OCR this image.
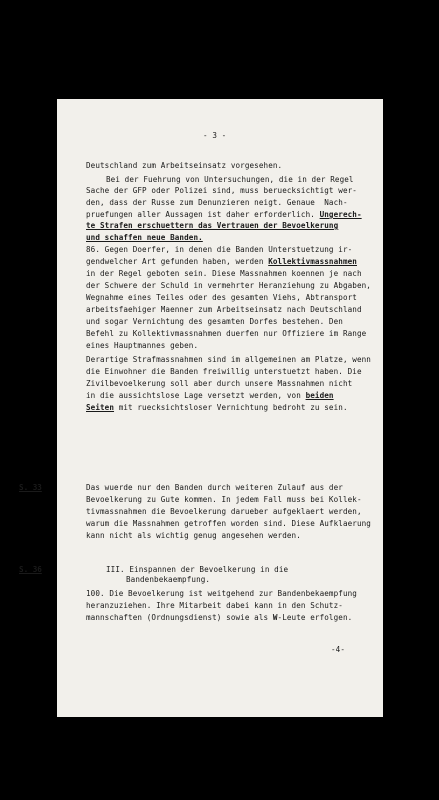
- 3 -
Deutschland zum Arbeitseinsatz vorgesehen.
Bei der Fuehrung von Untersuchungen, die in der Regel
Sache der GFP oder Polizei sind, muss beruecksichtigt wer-
den, dass der Russe zum Denunzieren neigt. Genaue  Nach-
pruefungen aller Aussagen ist daher erforderlich. Ungerech-
te Strafen erschuettern das Vertrauen der Bevoelkerung
und schaffen neue Banden.
86. Gegen Doerfer, in denen die Banden Unterstuetzung ir-
gendwelcher Art gefunden haben, werden Kollektivmassnahmen
in der Regel geboten sein. Diese Massnahmen koennen je nach
der Schwere der Schuld in vermehrter Heranziehung zu Abgaben,
Wegnahme eines Teiles oder des gesamten Viehs, Abtransport
arbeitsfaehiger Maenner zum Arbeitseinsatz nach Deutschland
und sogar Vernichtung des gesamten Dorfes bestehen. Den
Befehl zu Kollektivmassnahmen duerfen nur Offiziere im Range
eines Hauptmannes geben.
Derartige Strafmassnahmen sind im allgemeinen am Platze, wenn
die Einwohner die Banden freiwillig unterstuetzt haben. Die
Zivilbevoelkerung soll aber durch unsere Massnahmen nicht
in die aussichtslose Lage versetzt werden, von beiden
Seiten mit ruecksichtsloser Vernichtung bedroht zu sein.
S. 33	Das wuerde nur den Banden durch weiteren Zulauf aus der
Bevoelkerung zu Gute kommen. In jedem Fall muss bei Kollek-
tivmassnahmen die Bevoelkerung darueber aufgeklaert werden,
warum die Massnahmen getroffen worden sind. Diese Aufklaerung
kann nicht als wichtig genug angesehen werden.
S. 36	III. Einspannen der Bevoelkerung in die
Bandenbekaempfung.
100. Die Bevoelkerung ist weitgehend zur Bandenbekaempfung
heranzuziehen. Ihre Mitarbeit dabei kann in den Schutz-
mannschaften (Ordnungsdienst) sowie als W-Leute erfolgen.
-4-
